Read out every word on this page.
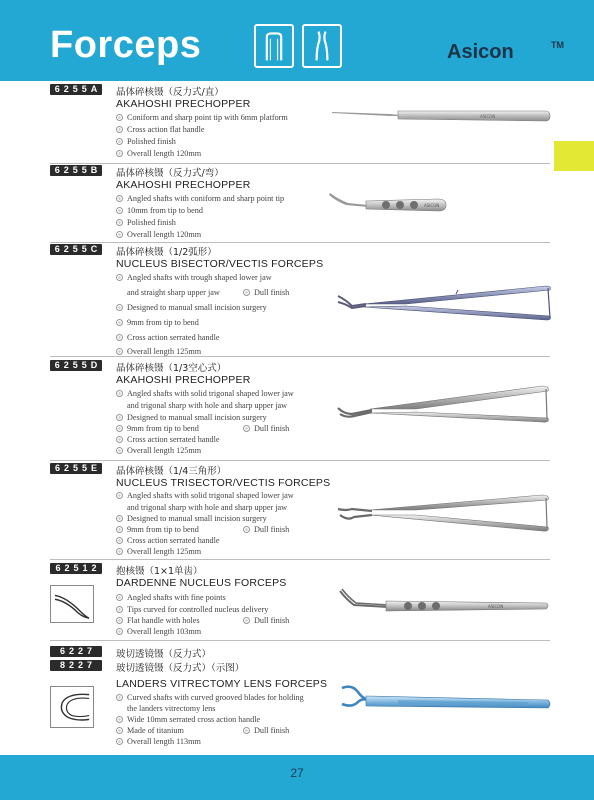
Forceps	Asicon	TM
6255A 晶体碎核镊（反力式/直）
AKAHOSHI PRECHOPPER
Coniform and sharp point tip with 6mm platform
Cross action flat handle
Polished finish
Overall length 120mm
ASICON
6255B 晶体碎核镊（反力式/弯）
AKAHOSHI PRECHOPPER
Angled shafts with coniform and sharp point tip
10mm from tip to bend
Polished finish
Overall length 120mm
ASICON
6255C 晶体碎核镊（1/2弧形）
NUCLEUS BISECTOR/VECTIS FORCEPS
Angled shafts with trough shaped lower jaw
and straight sharp upper jaw	Dull finish
Designed to manual small incision surgery
9mm from tip to bend
Cross action serrated handle
Overall length 125mm
6255D 晶体碎核镊（1/3空心式）
AKAHOSHI PRECHOPPER
Angled shafts with solid trigonal shaped lower jaw
and trigonal sharp with hole and sharp upper jaw
Designed to manual small incision surgery
9mm from tip to bend	Dull finish
Cross action serrated handle
Overall length 125mm
6255E 晶体碎核镊（1/4三角形）
NUCLEUS TRISECTOR/VECTIS FORCEPS
Angled shafts with solid trigonal shaped lower jaw
and trigonal sharp with hole and sharp upper jaw
Designed to manual small incision surgery
9mm from tip to bend	Dull finish
Cross action serrated handle
Overall length 125mm
62512 抱核镊（1×1单齿）
DARDENNE NUCLEUS FORCEPS
Angled shafts with fine points
Tips curved for controlled nucleus delivery
Flat handle with holes	Dull finish
Overall length 103mm
ASICON
6227	玻切透镜镊（反力式）
8227	玻切透镜镊（反力式）（示图）
LANDERS VITRECTOMY LENS FORCEPS
Curved shafts with curved grooved blades for holding
the landers vitrectomy lens
Wide 10mm serrated cross action handle
Made of titanium	Dull finish
Overall length 113mm
27
